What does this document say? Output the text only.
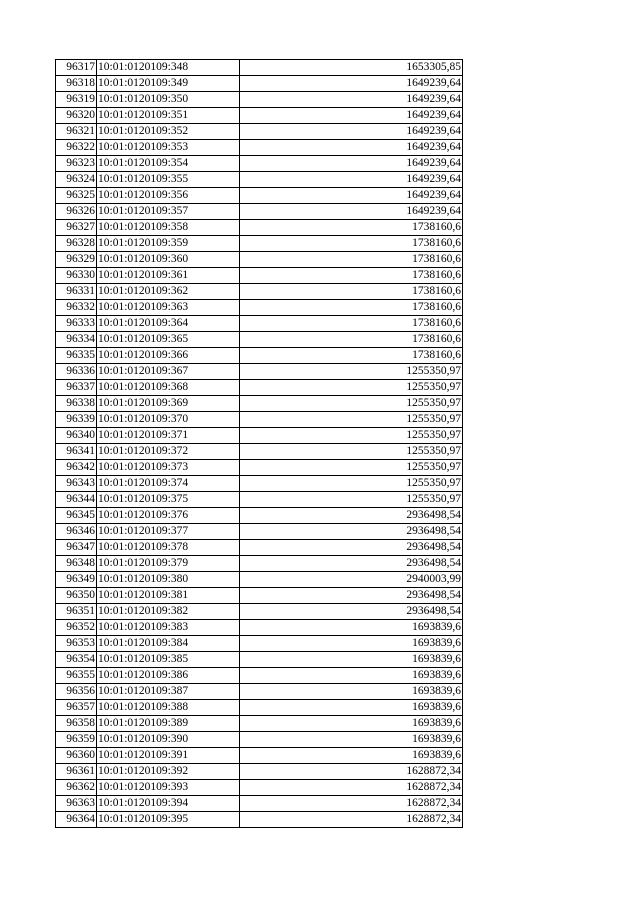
96317	10:01:0120109:348	1653305,85
96318	10:01:0120109:349	1649239,64
96319	10:01:0120109:350	1649239,64
96320	10:01:0120109:351	1649239,64
96321	10:01:0120109:352	1649239,64
96322	10:01:0120109:353	1649239,64
96323	10:01:0120109:354	1649239,64
96324	10:01:0120109:355	1649239,64
96325	10:01:0120109:356	1649239,64
96326	10:01:0120109:357	1649239,64
96327	10:01:0120109:358	1738160,6
96328	10:01:0120109:359	1738160,6
96329	10:01:0120109:360	1738160,6
96330	10:01:0120109:361	1738160,6
96331	10:01:0120109:362	1738160,6
96332	10:01:0120109:363	1738160,6
96333	10:01:0120109:364	1738160,6
96334	10:01:0120109:365	1738160,6
96335	10:01:0120109:366	1738160,6
96336	10:01:0120109:367	1255350,97
96337	10:01:0120109:368	1255350,97
96338	10:01:0120109:369	1255350,97
96339	10:01:0120109:370	1255350,97
96340	10:01:0120109:371	1255350,97
96341	10:01:0120109:372	1255350,97
96342	10:01:0120109:373	1255350,97
96343	10:01:0120109:374	1255350,97
96344	10:01:0120109:375	1255350,97
96345	10:01:0120109:376	2936498,54
96346	10:01:0120109:377	2936498,54
96347	10:01:0120109:378	2936498,54
96348	10:01:0120109:379	2936498,54
96349	10:01:0120109:380	2940003,99
96350	10:01:0120109:381	2936498,54
96351	10:01:0120109:382	2936498,54
96352	10:01:0120109:383	1693839,6
96353	10:01:0120109:384	1693839,6
96354	10:01:0120109:385	1693839,6
96355	10:01:0120109:386	1693839,6
96356	10:01:0120109:387	1693839,6
96357	10:01:0120109:388	1693839,6
96358	10:01:0120109:389	1693839,6
96359	10:01:0120109:390	1693839,6
96360	10:01:0120109:391	1693839,6
96361	10:01:0120109:392	1628872,34
96362	10:01:0120109:393	1628872,34
96363	10:01:0120109:394	1628872,34
96364	10:01:0120109:395	1628872,34
